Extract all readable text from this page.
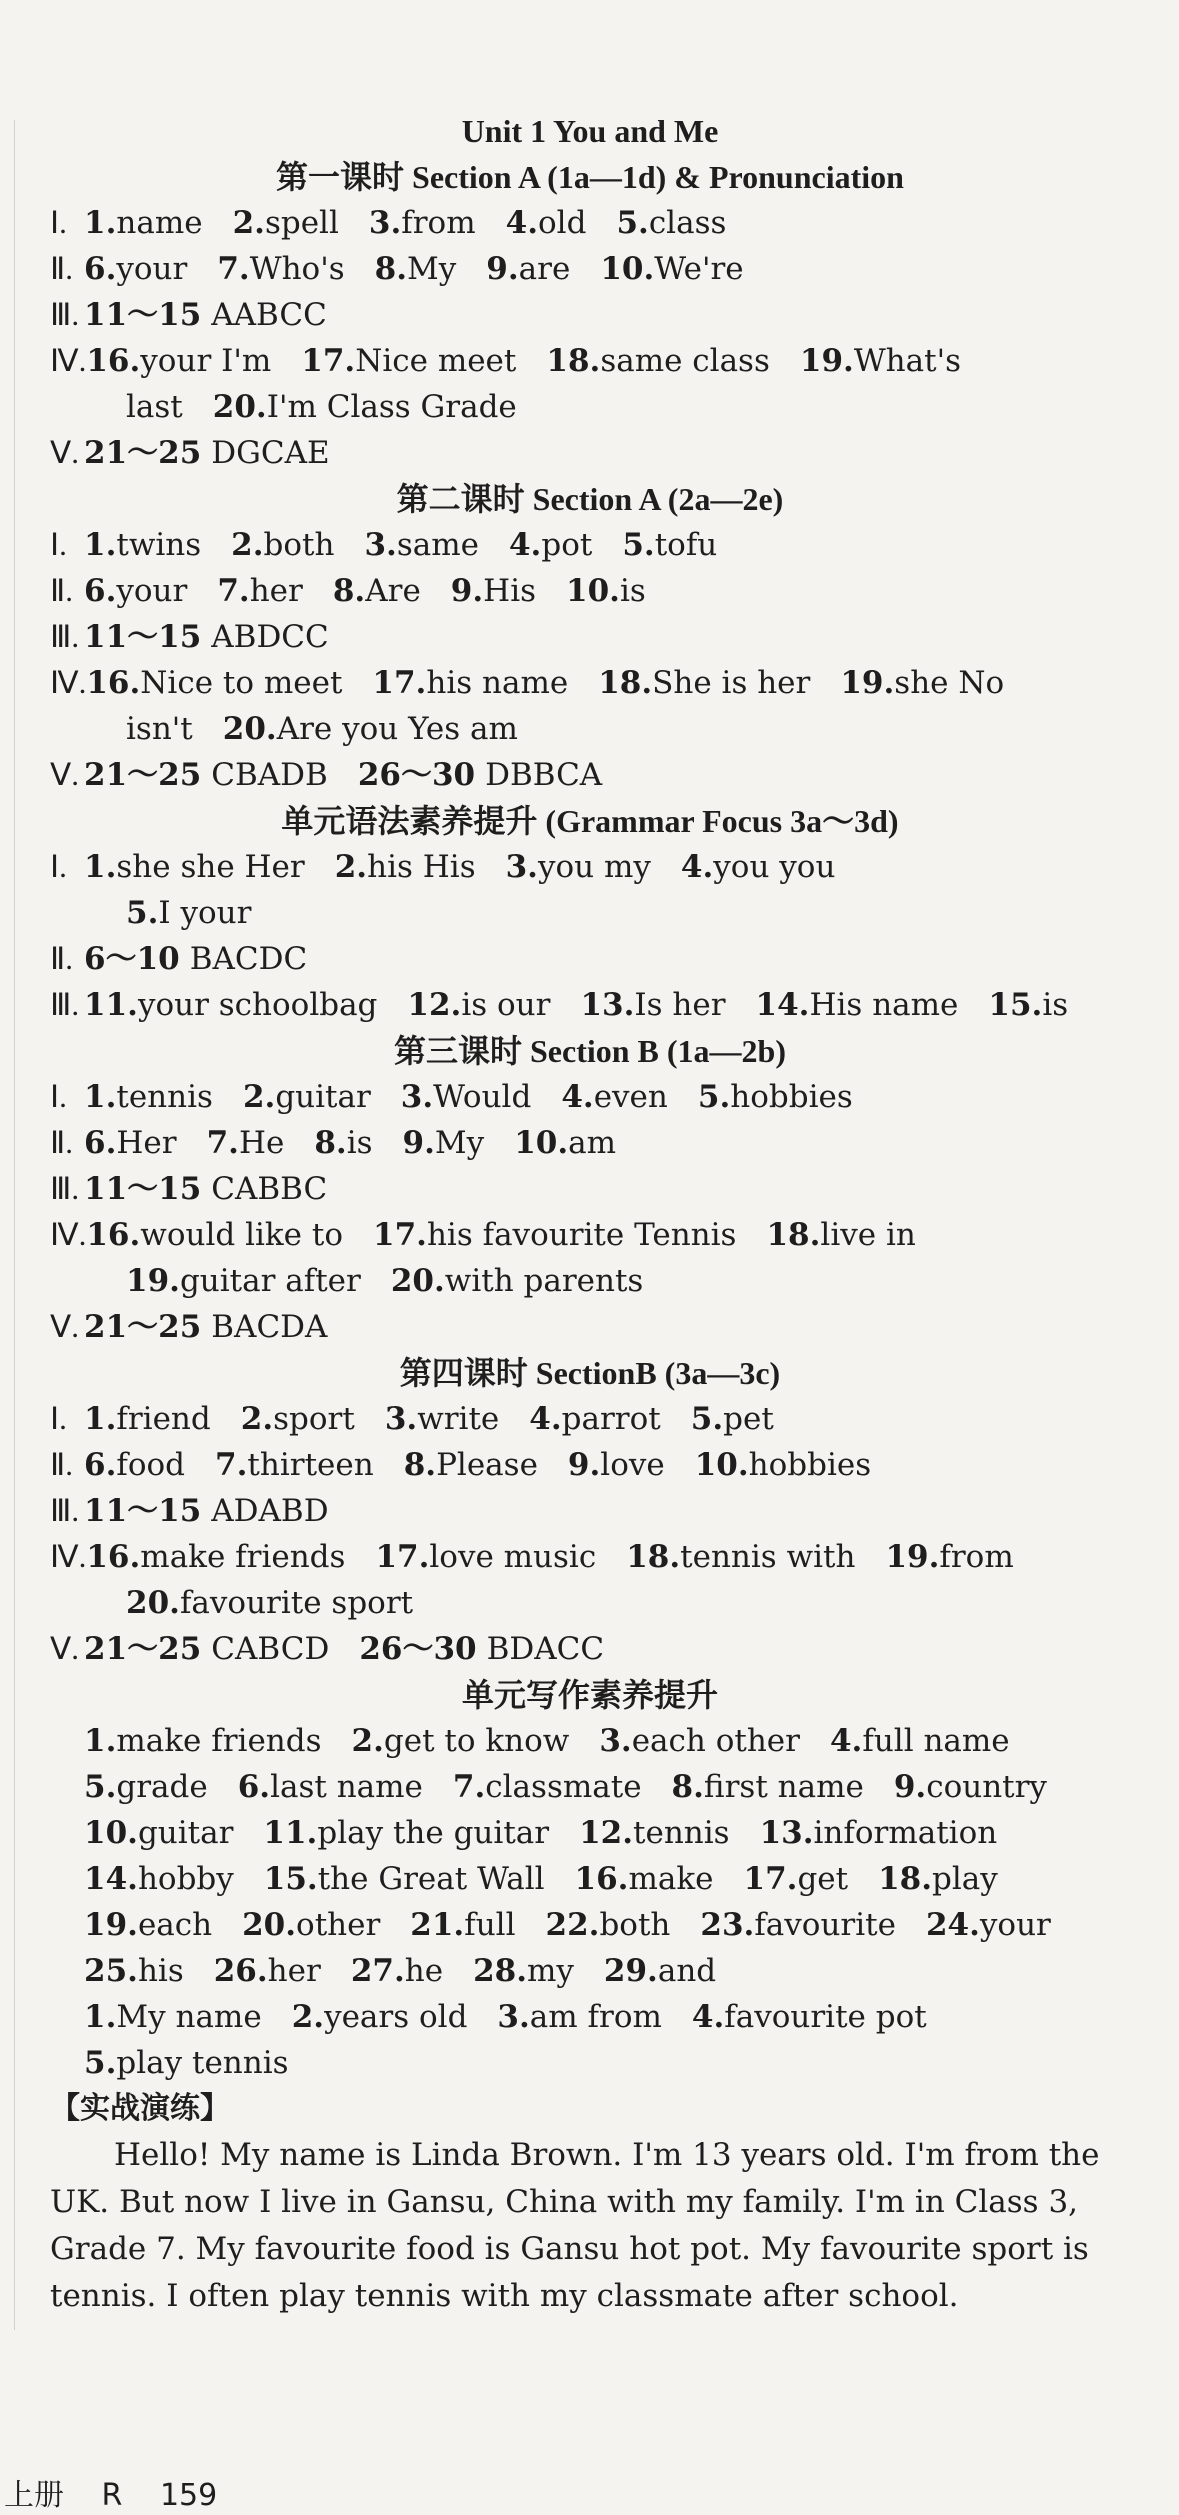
Unit 1 You and Me
第一课时 Section A (1a—1d) & Pronunciation
Ⅰ. 1.name 2.spell 3.from 4.old 5.class
Ⅱ. 6.your 7.Who's 8.My 9.are 10.We're
Ⅲ. 11～15 AABCC
Ⅳ.16.your I'm 17.Nice meet 18.same class 19.What's
last 20.I'm Class Grade
Ⅴ. 21～25 DGCAE
第二课时 Section A (2a—2e)
Ⅰ. 1.twins 2.both 3.same 4.pot 5.tofu
Ⅱ. 6.your 7.her 8.Are 9.His 10.is
Ⅲ. 11～15 ABDCC
Ⅳ.16.Nice to meet 17.his name 18.She is her 19.she No
isn't 20.Are you Yes am
Ⅴ. 21～25 CBADB 26～30 DBBCA
单元语法素养提升 (Grammar Focus 3a～3d)
Ⅰ. 1.she she Her 2.his His 3.you my 4.you you
5.I your
Ⅱ. 6～10 BACDC
Ⅲ. 11.your schoolbag 12.is our 13.Is her 14.His name 15.is
第三课时 Section B (1a—2b)
Ⅰ. 1.tennis 2.guitar 3.Would 4.even 5.hobbies
Ⅱ. 6.Her 7.He 8.is 9.My 10.am
Ⅲ. 11～15 CABBC
Ⅳ.16.would like to 17.his favourite Tennis 18.live in
19.guitar after 20.with parents
Ⅴ. 21～25 BACDA
第四课时 SectionB (3a—3c)
Ⅰ. 1.friend 2.sport 3.write 4.parrot 5.pet
Ⅱ. 6.food 7.thirteen 8.Please 9.love 10.hobbies
Ⅲ. 11～15 ADABD
Ⅳ.16.make friends 17.love music 18.tennis with 19.from
20.favourite sport
Ⅴ. 21～25 CABCD 26～30 BDACC
单元写作素养提升
1.make friends 2.get to know 3.each other 4.full name
5.grade 6.last name 7.classmate 8.first name 9.country
10.guitar 11.play the guitar 12.tennis 13.information
14.hobby 15.the Great Wall 16.make 17.get 18.play
19.each 20.other 21.full 22.both 23.favourite 24.your
25.his 26.her 27.he 28.my 29.and
1.My name 2.years old 3.am from 4.favourite pot
5.play tennis
【实战演练】

Hello! My name is Linda Brown. I'm 13 years old. I'm from the UK. But now I live in Gansu, China with my family. I'm in Class 3, Grade 7. My favourite food is Gansu hot pot. My favourite sport is tennis. I often play tennis with my classmate after school.

上册 R 159
